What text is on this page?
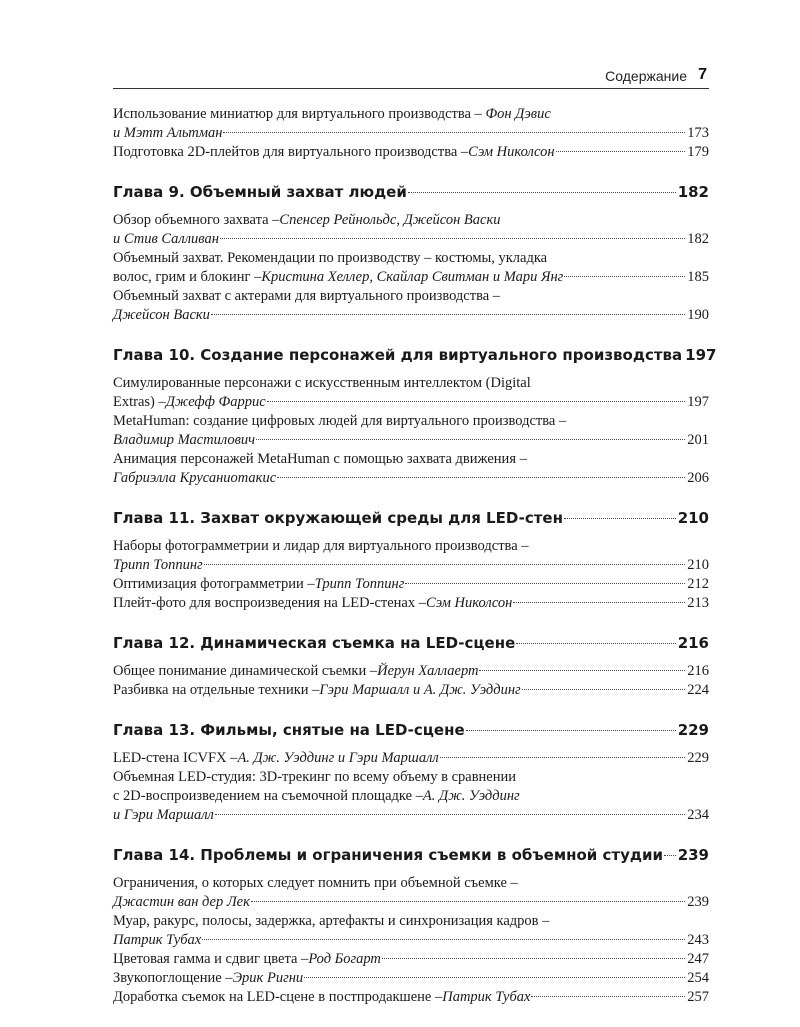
Содержание 7
Использование миниатюр для виртуального производства –
Фон Дэвис
и Мэтт Альтман	173
Подготовка 2D-плейтов для виртуального производства – Сэм Николсон	179
Глава 9. Объемный захват людей	182
Обзор объемного захвата – Спенсер Рейнольдс, Джейсон Васки
и Стив Салливан	182
Объемный захват. Рекомендации по производству – костюмы, укладка
волос, грим и блокинг – Кристина Хеллер, Скайлар Свитман и Мари Янг	185
Объемный захват с актерами для виртуального производства –
Джейсон Васки	190
Глава 10. Создание персонажей для виртуального производства 197
Симулированные персонажи с искусственным интеллектом (Digital
Extras) – Джефф Фаррис	197
MetaHuman: создание цифровых людей для виртуального производства –
Владимир Мастилович	201
Анимация персонажей MetaHuman с помощью захвата движения –
Габриэлла Крусаниотакис	206
Глава 11. Захват окружающей среды для LED-стен	210
Наборы фотограмметрии и лидар для виртуального производства –
Трипп Топпинг	210
Оптимизация фотограмметрии – Трипп Топпинг	212
Плейт-фото для воспроизведения на LED-стенах – Сэм Николсон	213
Глава 12. Динамическая съемка на LED-сцене	216
Общее понимание динамической съемки – Йерун Халлаерт	216
Разбивка на отдельные техники – Гэри Маршалл и А. Дж. Уэддинг	224
Глава 13. Фильмы, снятые на LED-сцене	229
LED-стена ICVFX – А. Дж. Уэддинг и Гэри Маршалл	229
Объемная LED-студия: 3D-трекинг по всему объему в сравнении
с 2D-воспроизведением на съемочной площадке – А. Дж. Уэддинг
и Гэри Маршалл	234
Глава 14. Проблемы и ограничения съемки в объемной студии 239
Ограничения, о которых следует помнить при объемной съемке –
Джастин ван дер Лек	239
Муар, ракурс, полосы, задержка, артефакты и синхронизация кадров –
Патрик Тубах	243
Цветовая гамма и сдвиг цвета – Род Богарт	247
Звукопоглощение – Эрик Ригни	254
Доработка съемок на LED-сцене в постпродакшене – Патрик Тубах	257
